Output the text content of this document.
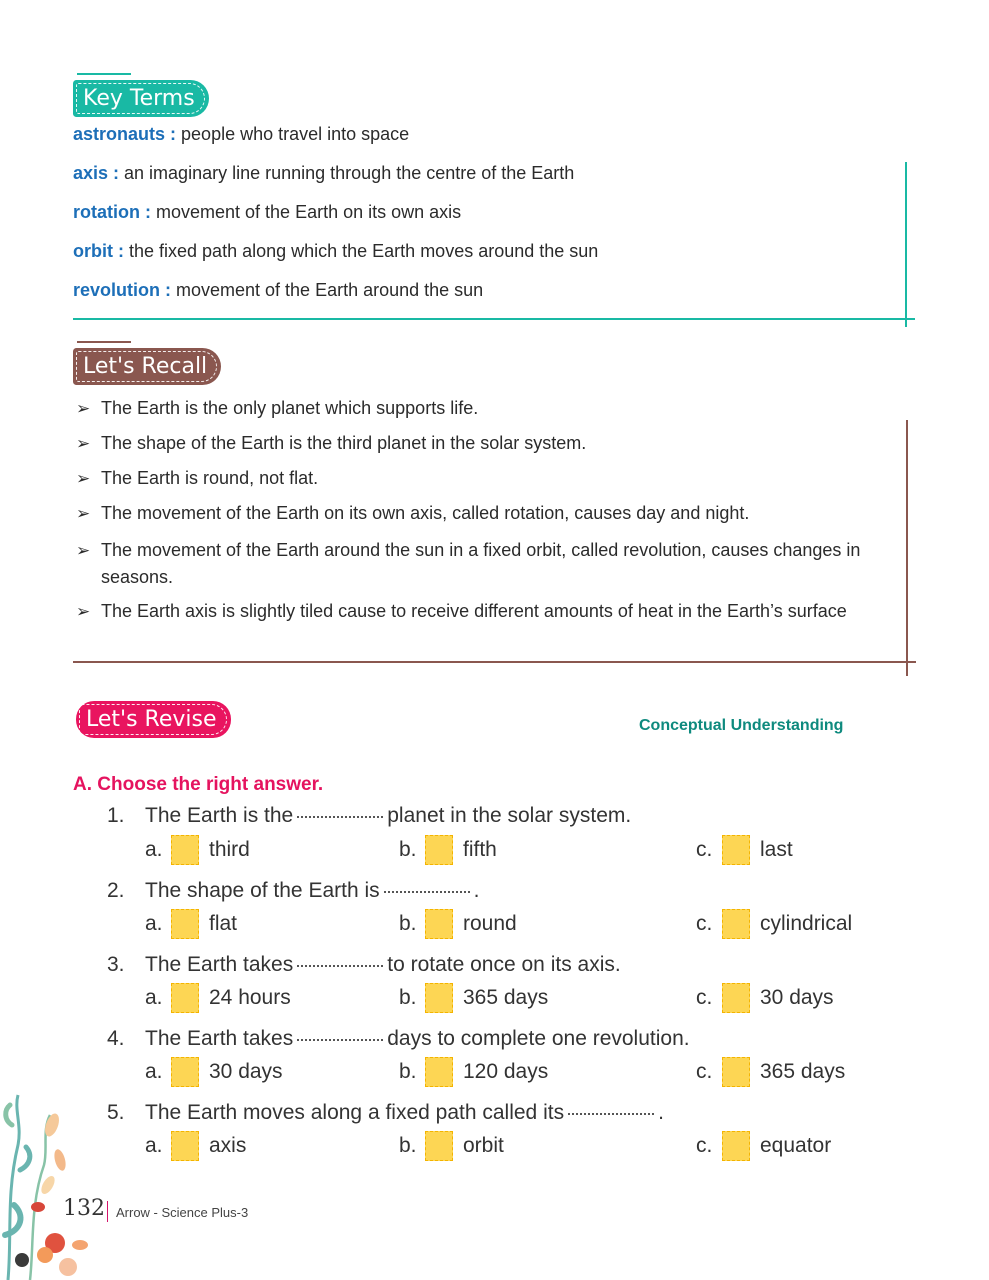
Key Terms
astronauts : people who travel into space
axis : an imaginary line running through the centre of the Earth
rotation : movement of the Earth on its own axis
orbit : the fixed path along which the Earth moves around the sun
revolution : movement of the Earth around the sun
Let's Recall
➢ The Earth is the only planet which supports life.
➢ The shape of the Earth is the third planet in the solar system.
➢ The Earth is round, not flat.
➢ The movement of the Earth on its own axis, called rotation, causes day and night.
➢ The movement of the Earth around the sun in a fixed orbit, called revolution, causes changes in seasons.
➢ The Earth axis is slightly tiled cause to receive different amounts of heat in the Earth’s surface
Let's Revise	Conceptual Understanding
A. Choose the right answer.
1. The Earth is the	planet in the solar system.
a.	third	b.	fifth	c.	last
2. The shape of the Earth is	.
a.	flat	b.	round	c.	cylindrical
3. The Earth takes	to rotate once on its axis.
a.	24 hours	b.	365 days	c.	30 days
4. The Earth takes	days to complete one revolution.
a.	30 days	b.	120 days	c.	365 days
5. The Earth moves along a fixed path called its	.
a.	axis	b.	orbit	c.	equator
132 Arrow - Science Plus-3
